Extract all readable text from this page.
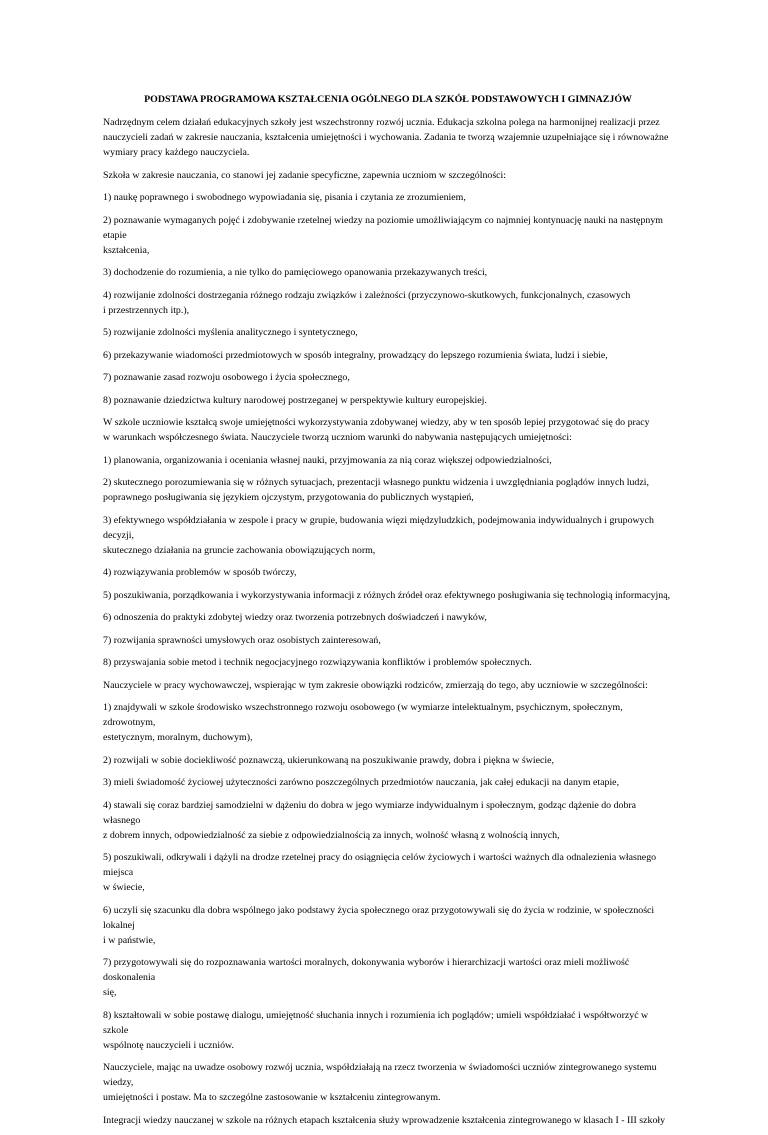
PODSTAWA PROGRAMOWA KSZTAŁCENIA OGÓLNEGO DLA SZKÓŁ PODSTAWOWYCH I GIMNAZJÓW
Nadrzędnym celem działań edukacyjnych szkoły jest wszechstronny rozwój ucznia. Edukacja szkolna polega na harmonijnej realizacji przez
nauczycieli zadań w zakresie nauczania, kształcenia umiejętności i wychowania. Zadania te tworzą wzajemnie uzupełniające się i równoważne
wymiary pracy każdego nauczyciela.
Szkoła w zakresie nauczania, co stanowi jej zadanie specyficzne, zapewnia uczniom w szczególności:
1) naukę poprawnego i swobodnego wypowiadania się, pisania i czytania ze zrozumieniem,
2) poznawanie wymaganych pojęć i zdobywanie rzetelnej wiedzy na poziomie umożliwiającym co najmniej kontynuację nauki na następnym etapie
kształcenia,
3) dochodzenie do rozumienia, a nie tylko do pamięciowego opanowania przekazywanych treści,
4) rozwijanie zdolności dostrzegania różnego rodzaju związków i zależności (przyczynowo-skutkowych, funkcjonalnych, czasowych
i przestrzennych itp.),
5) rozwijanie zdolności myślenia analitycznego i syntetycznego,
6) przekazywanie wiadomości przedmiotowych w sposób integralny, prowadzący do lepszego rozumienia świata, ludzi i siebie,
7) poznawanie zasad rozwoju osobowego i życia społecznego,
8) poznawanie dziedzictwa kultury narodowej postrzeganej w perspektywie kultury europejskiej.
W szkole uczniowie kształcą swoje umiejętności wykorzystywania zdobywanej wiedzy, aby w ten sposób lepiej przygotować się do pracy
w warunkach współczesnego świata. Nauczyciele tworzą uczniom warunki do nabywania następujących umiejętności:
1) planowania, organizowania i oceniania własnej nauki, przyjmowania za nią coraz większej odpowiedzialności,
2) skutecznego porozumiewania się w różnych sytuacjach, prezentacji własnego punktu widzenia i uwzględniania poglądów innych ludzi,
poprawnego posługiwania się językiem ojczystym, przygotowania do publicznych wystąpień,
3) efektywnego współdziałania w zespole i pracy w grupie, budowania więzi międzyludzkich, podejmowania indywidualnych i grupowych decyzji,
skutecznego działania na gruncie zachowania obowiązujących norm,
4) rozwiązywania problemów w sposób twórczy,
5) poszukiwania, porządkowania i wykorzystywania informacji z różnych źródeł oraz efektywnego posługiwania się technologią informacyjną,
6) odnoszenia do praktyki zdobytej wiedzy oraz tworzenia potrzebnych doświadczeń i nawyków,
7) rozwijania sprawności umysłowych oraz osobistych zainteresowań,
8) przyswajania sobie metod i technik negocjacyjnego rozwiązywania konfliktów i problemów społecznych.
Nauczyciele w pracy wychowawczej, wspierając w tym zakresie obowiązki rodziców, zmierzają do tego, aby uczniowie w szczególności:
1) znajdywali w szkole środowisko wszechstronnego rozwoju osobowego (w wymiarze intelektualnym, psychicznym, społecznym, zdrowotnym,
estetycznym, moralnym, duchowym),
2) rozwijali w sobie dociekliwość poznawczą, ukierunkowaną na poszukiwanie prawdy, dobra i piękna w świecie,
3) mieli świadomość życiowej użyteczności zarówno poszczególnych przedmiotów nauczania, jak całej edukacji na danym etapie,
4) stawali się coraz bardziej samodzielni w dążeniu do dobra w jego wymiarze indywidualnym i społecznym, godząc dążenie do dobra własnego
z dobrem innych, odpowiedzialność za siebie z odpowiedzialnością za innych, wolność własną z wolnością innych,
5) poszukiwali, odkrywali i dążyli na drodze rzetelnej pracy do osiągnięcia celów życiowych i wartości ważnych dla odnalezienia własnego miejsca
w świecie,
6) uczyli się szacunku dla dobra wspólnego jako podstawy życia społecznego oraz przygotowywali się do życia w rodzinie, w społeczności lokalnej
i w państwie,
7) przygotowywali się do rozpoznawania wartości moralnych, dokonywania wyborów i hierarchizacji wartości oraz mieli możliwość doskonalenia
się,
8) kształtowali w sobie postawę dialogu, umiejętność słuchania innych i rozumienia ich poglądów; umieli współdziałać i współtworzyć w szkole
wspólnotę nauczycieli i uczniów.
Nauczyciele, mając na uwadze osobowy rozwój ucznia, współdziałają na rzecz tworzenia w świadomości uczniów zintegrowanego systemu wiedzy,
umiejętności i postaw. Ma to szczególne zastosowanie w kształceniu zintegrowanym.
Integracji wiedzy nauczanej w szkole na różnych etapach kształcenia służy wprowadzenie kształcenia zintegrowanego w klasach I - III szkoły
